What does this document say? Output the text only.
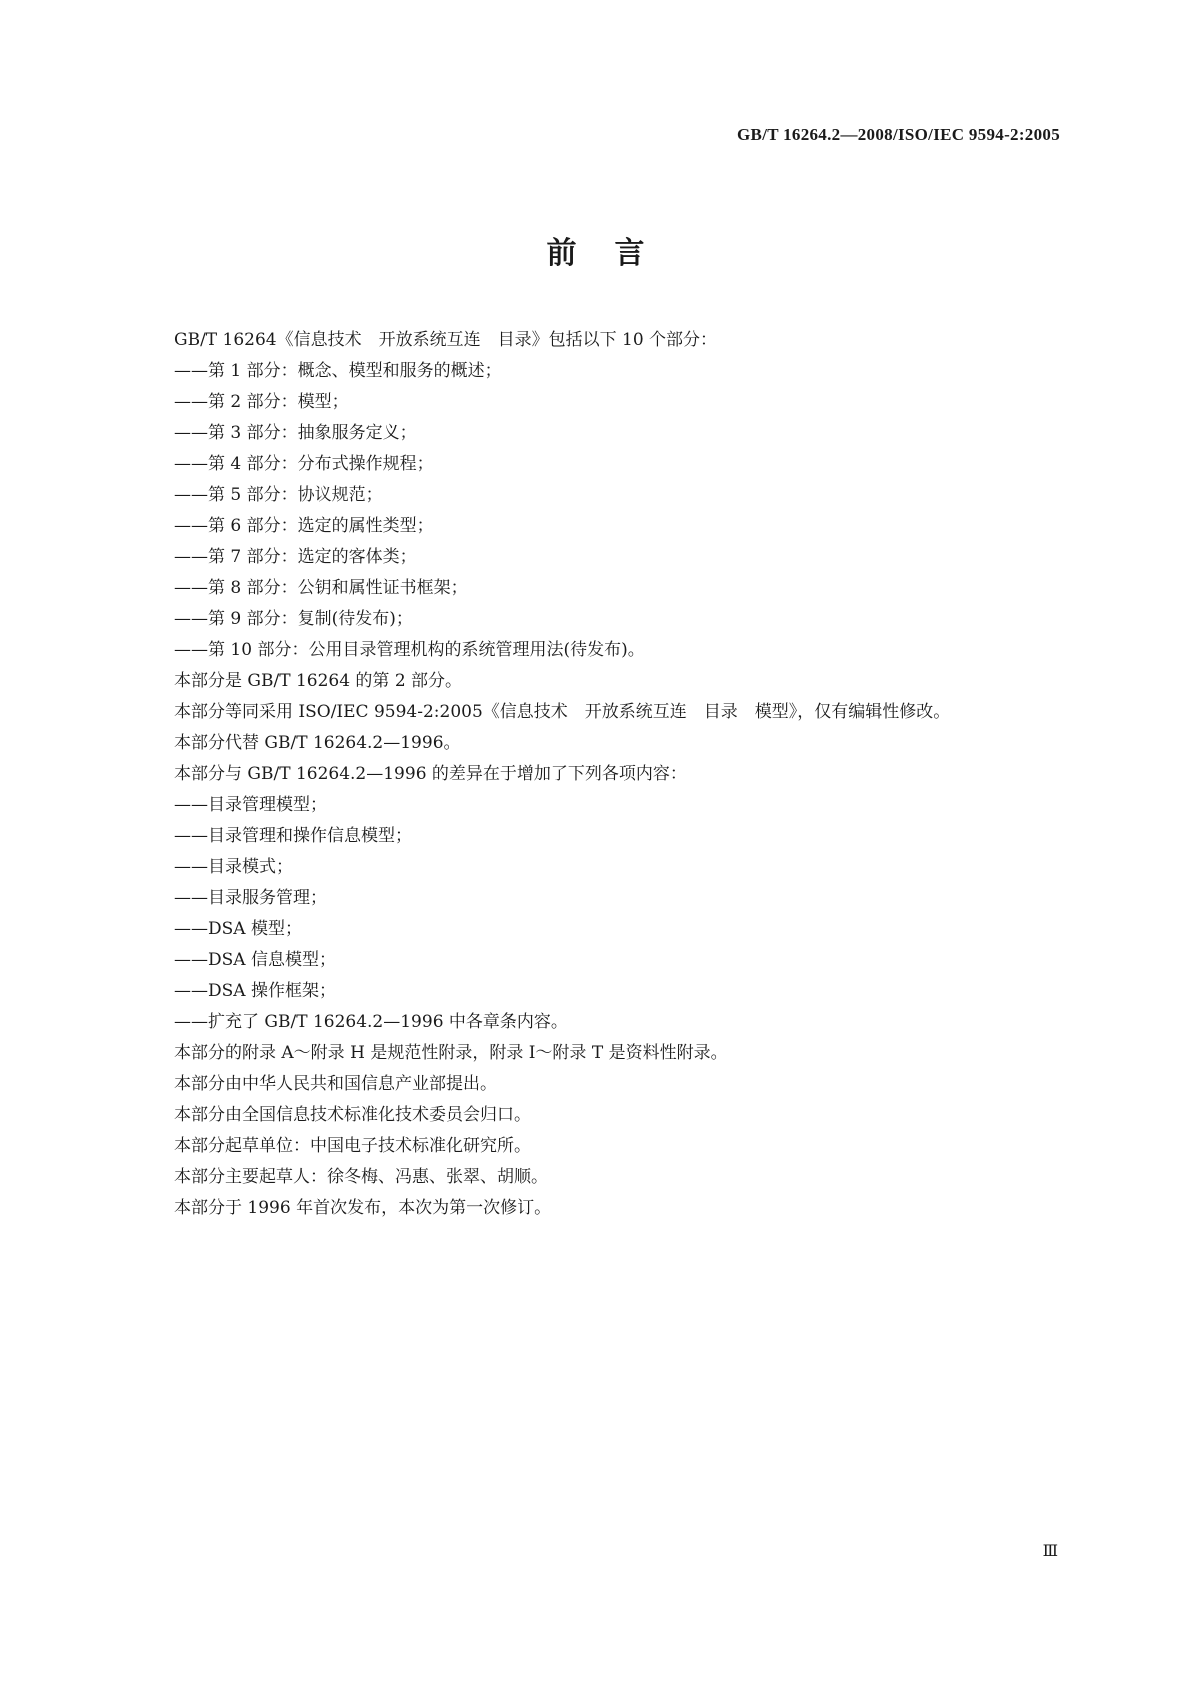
GB/T 16264.2—2008/ISO/IEC 9594-2:2005
前言

GB/T 16264《信息技术　开放系统互连　目录》包括以下 10 个部分：

——第 1 部分：概念、模型和服务的概述；

——第 2 部分：模型；

——第 3 部分：抽象服务定义；

——第 4 部分：分布式操作规程；

——第 5 部分：协议规范；

——第 6 部分：选定的属性类型；

——第 7 部分：选定的客体类；

——第 8 部分：公钥和属性证书框架；

——第 9 部分：复制(待发布)；

——第 10 部分：公用目录管理机构的系统管理用法(待发布)。

本部分是 GB/T 16264 的第 2 部分。

本部分等同采用 ISO/IEC 9594-2:2005《信息技术　开放系统互连　目录　模型》，仅有编辑性修改。

本部分代替 GB/T 16264.2—1996。

本部分与 GB/T 16264.2—1996 的差异在于增加了下列各项内容：

——目录管理模型；

——目录管理和操作信息模型；

——目录模式；

——目录服务管理；

——DSA 模型；

——DSA 信息模型；

——DSA 操作框架；

——扩充了 GB/T 16264.2—1996 中各章条内容。

本部分的附录 A～附录 H 是规范性附录，附录 I～附录 T 是资料性附录。

本部分由中华人民共和国信息产业部提出。

本部分由全国信息技术标准化技术委员会归口。

本部分起草单位：中国电子技术标准化研究所。

本部分主要起草人：徐冬梅、冯惠、张翠、胡顺。

本部分于 1996 年首次发布，本次为第一次修订。

Ⅲ
